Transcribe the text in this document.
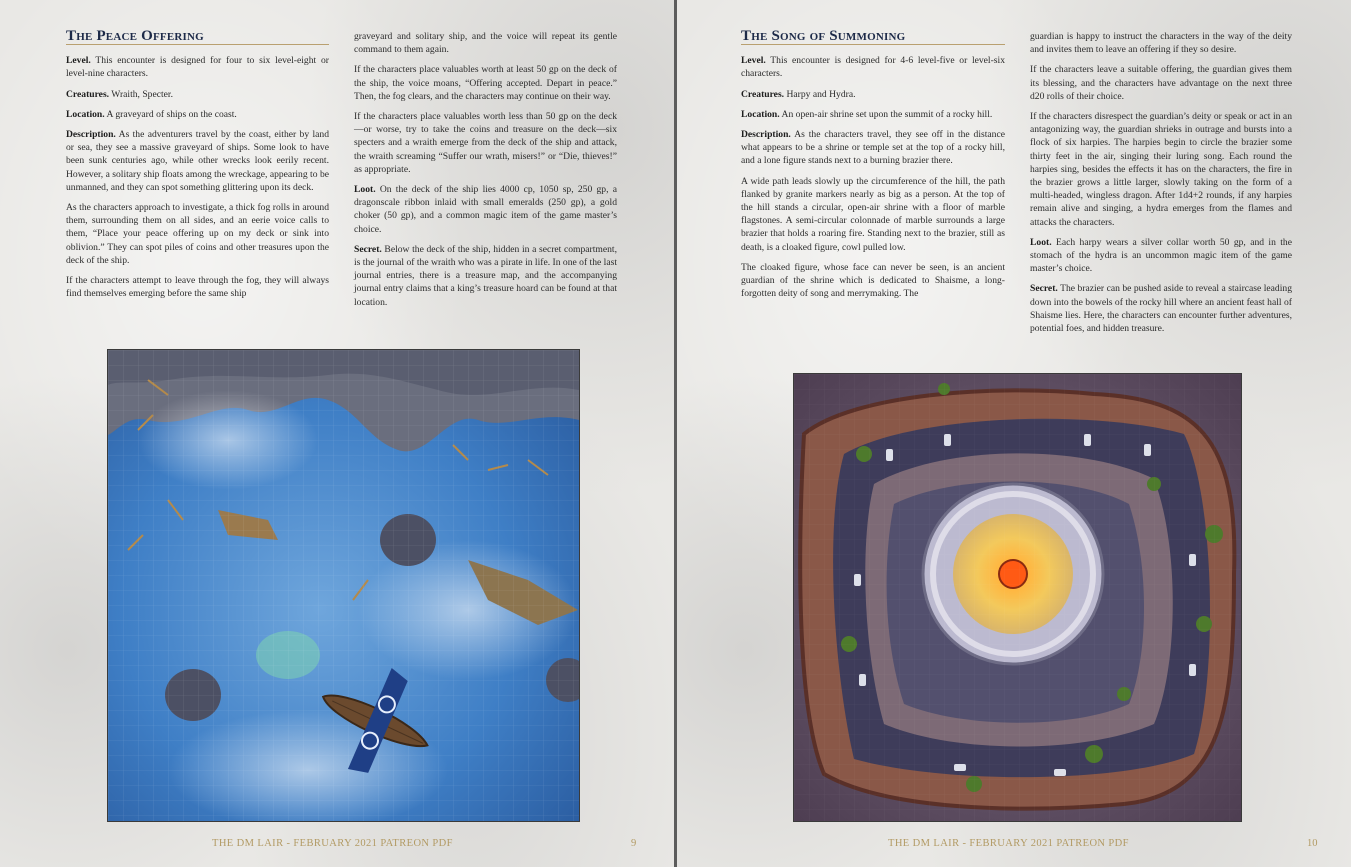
The Peace Offering

Level. This encounter is designed for four to six level-eight or level-nine characters.

Creatures. Wraith, Specter.

Location. A graveyard of ships on the coast.

Description. As the adventurers travel by the coast, either by land or sea, they see a massive graveyard of ships. Some look to have been sunk centuries ago, while other wrecks look eerily recent. However, a solitary ship floats among the wreckage, appearing to be unmanned, and they can spot something glittering upon its deck.

As the characters approach to investigate, a thick fog rolls in around them, surrounding them on all sides, and an eerie voice calls to them, “Place your peace offering up on my deck or sink into oblivion.” They can spot piles of coins and other treasures upon the deck of the ship.

If the characters attempt to leave through the fog, they will always find themselves emerging before the same ship

graveyard and solitary ship, and the voice will repeat its gentle command to them again.

If the characters place valuables worth at least 50 gp on the deck of the ship, the voice moans, “Offering accepted. Depart in peace.” Then, the fog clears, and the characters may continue on their way.

If the characters place valuables worth less than 50 gp on the deck—or worse, try to take the coins and treasure on the deck—six specters and a wraith emerge from the deck of the ship and attack, the wraith screaming “Suffer our wrath, misers!” or “Die, thieves!” as appropriate.

Loot. On the deck of the ship lies 4000 cp, 1050 sp, 250 gp, a dragonscale ribbon inlaid with small emeralds (250 gp), a gold choker (50 gp), and a common magic item of the game master’s choice.

Secret. Below the deck of the ship, hidden in a secret compartment, is the journal of the wraith who was a pirate in life. In one of the last journal entries, there is a treasure map, and the accompanying journal entry claims that a king’s treasure hoard can be found at that location.

THE DM LAIR - FEBRUARY 2021 PATREON PDF	9
The Song of Summoning

Level. This encounter is designed for 4-6 level-five or level-six characters.

Creatures. Harpy and Hydra.

Location. An open-air shrine set upon the summit of a rocky hill.

Description. As the characters travel, they see off in the distance what appears to be a shrine or temple set at the top of a rocky hill, and a lone figure stands next to a burning brazier there.

A wide path leads slowly up the circumference of the hill, the path flanked by granite markers nearly as big as a person. At the top of the hill stands a circular, open-air shrine with a floor of marble flagstones. A semi-circular colonnade of marble surrounds a large brazier that holds a roaring fire. Standing next to the brazier, still as death, is a cloaked figure, cowl pulled low.

The cloaked figure, whose face can never be seen, is an ancient guardian of the shrine which is dedicated to Shaisme, a long-forgotten deity of song and merrymaking. The

guardian is happy to instruct the characters in the way of the deity and invites them to leave an offering if they so desire.

If the characters leave a suitable offering, the guardian gives them its blessing, and the characters have advantage on the next three d20 rolls of their choice.

If the characters disrespect the guardian’s deity or speak or act in an antagonizing way, the guardian shrieks in outrage and bursts into a flock of six harpies. The harpies begin to circle the brazier some thirty feet in the air, singing their luring song. Each round the harpies sing, besides the effects it has on the characters, the fire in the brazier grows a little larger, slowly taking on the form of a multi-headed, wingless dragon. After 1d4+2 rounds, if any harpies remain alive and singing, a hydra emerges from the flames and attacks the characters.

Loot. Each harpy wears a silver collar worth 50 gp, and in the stomach of the hydra is an uncommon magic item of the game master’s choice.

Secret. The brazier can be pushed aside to reveal a staircase leading down into the bowels of the rocky hill where an ancient feast hall of Shaisme lies. Here, the characters can encounter further adventures, potential foes, and hidden treasure.

THE DM LAIR - FEBRUARY 2021 PATREON PDF	10
